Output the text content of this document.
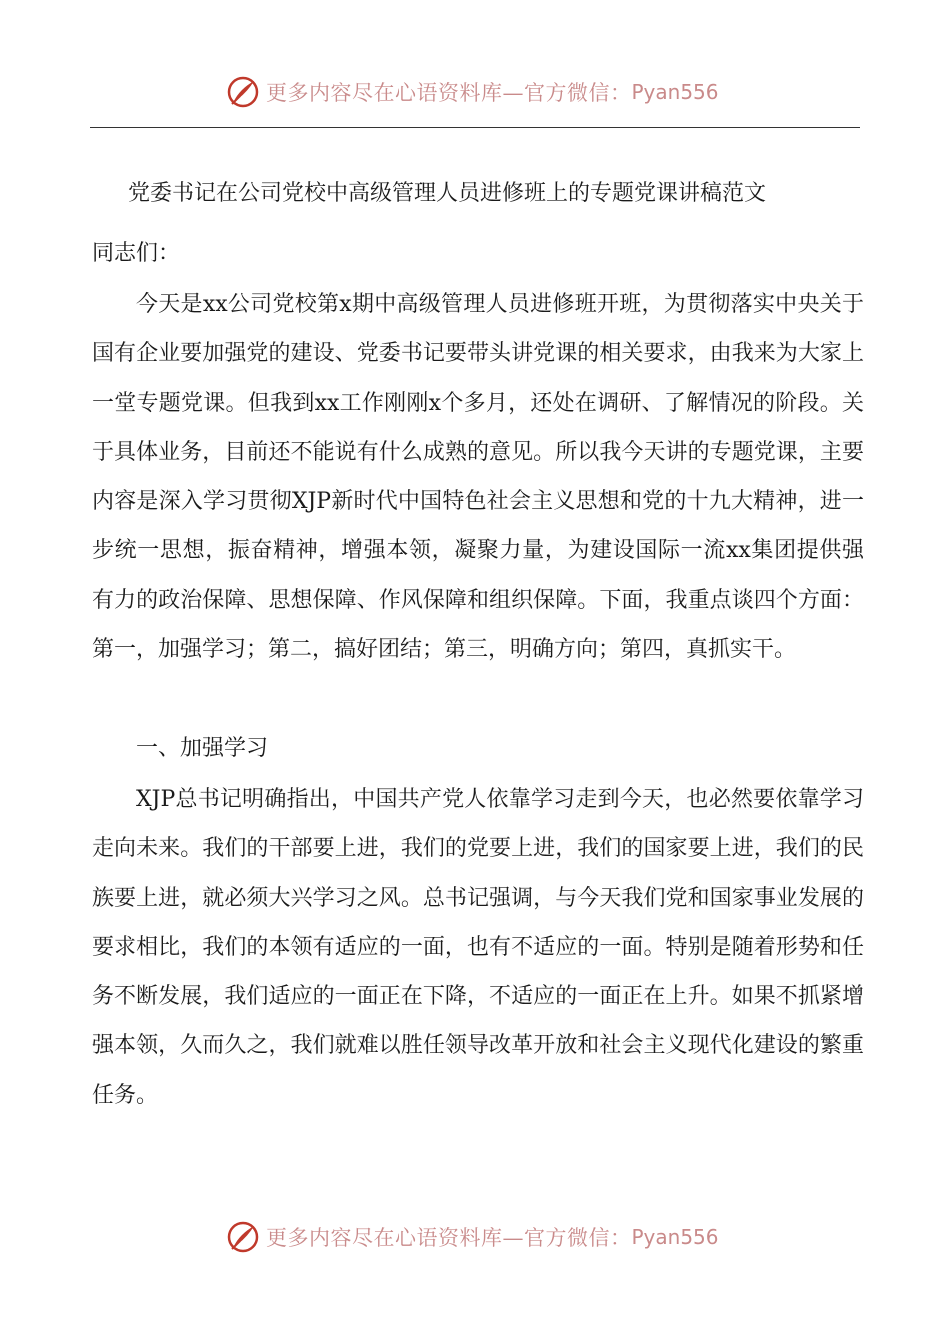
更多内容尽在心语资料库—官方微信： Pyan556
党委书记在公司党校中高级管理人员进修班上的专题党课讲稿范文
同志们：

今天是xx公司党校第x期中高级管理人员进修班开班，为贯彻落实中央关于国有企业要加强党的建设、党委书记要带头讲党课的相关要求，由我来为大家上一堂专题党课。但我到xx工作刚刚x个多月，还处在调研、了解情况的阶段。关于具体业务，目前还不能说有什么成熟的意见。所以我今天讲的专题党课，主要内容是深入学习贯彻XJP新时代中国特色社会主义思想和党的十九大精神，进一步统一思想，振奋精神，增强本领，凝聚力量，为建设国际一流xx集团提供强有力的政治保障、思想保障、作风保障和组织保障。下面，我重点谈四个方面：第一，加强学习；第二，搞好团结；第三，明确方向；第四，真抓实干。

一、加强学习

XJP总书记明确指出，中国共产党人依靠学习走到今天，也必然要依靠学习走向未来。我们的干部要上进，我们的党要上进，我们的国家要上进，我们的民族要上进，就必须大兴学习之风。总书记强调，与今天我们党和国家事业发展的要求相比，我们的本领有适应的一面，也有不适应的一面。特别是随着形势和任务不断发展，我们适应的一面正在下降，不适应的一面正在上升。如果不抓紧增强本领，久而久之，我们就难以胜任领导改革开放和社会主义现代化建设的繁重任务。

更多内容尽在心语资料库—官方微信： Pyan556
